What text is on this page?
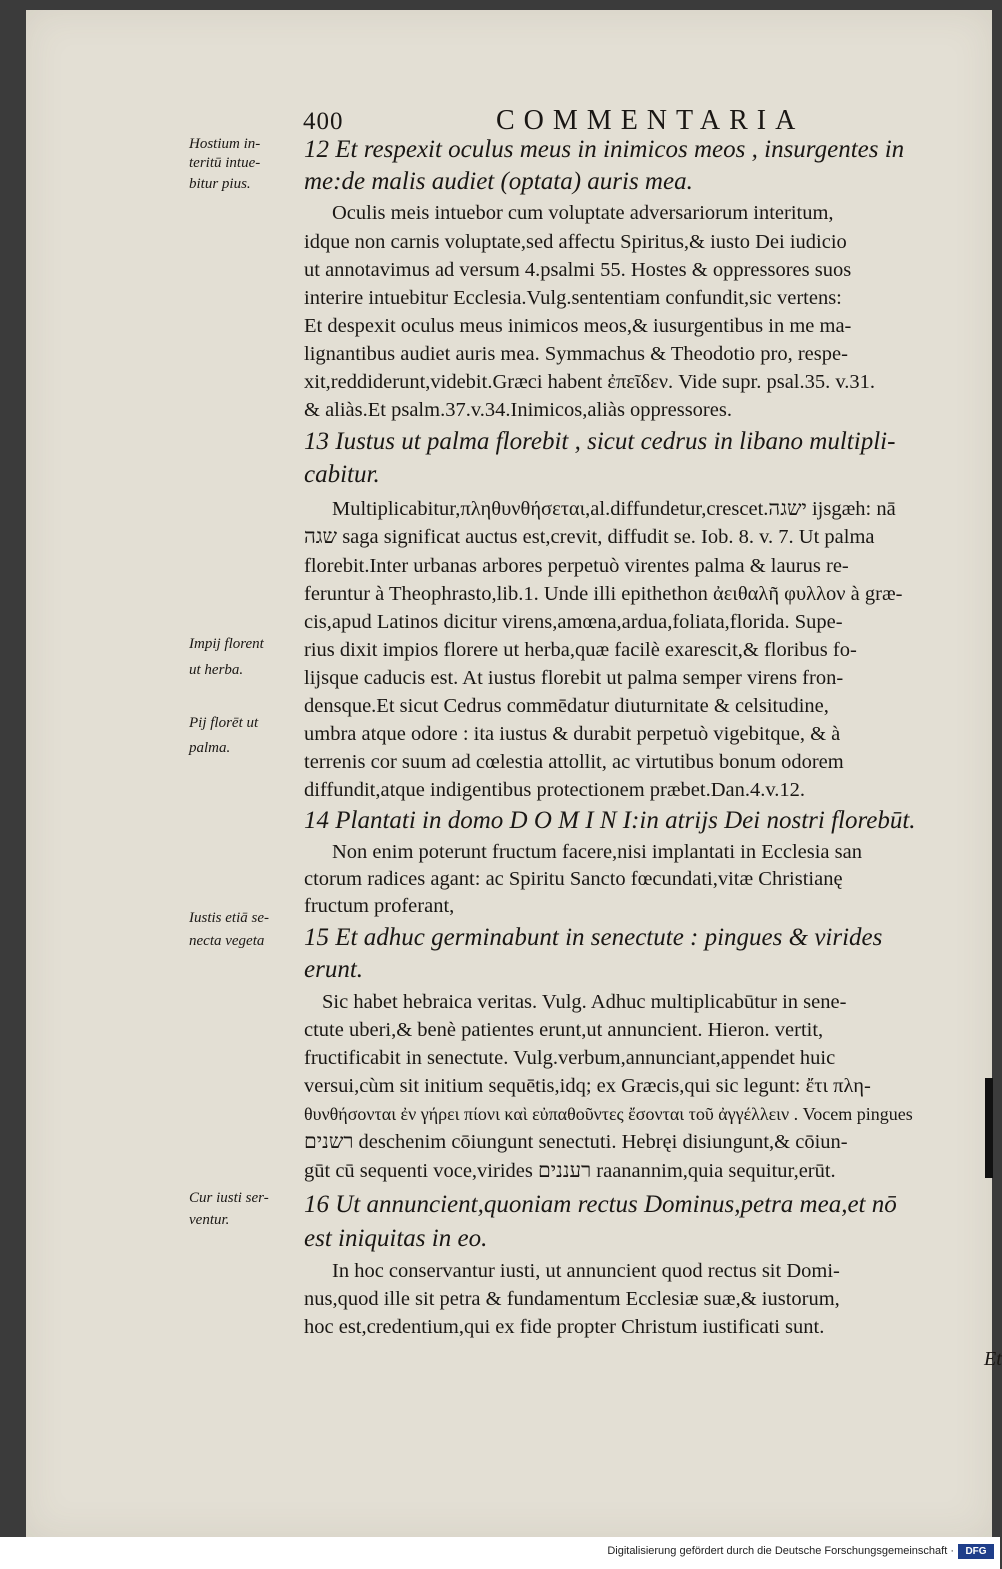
400	COMMENTARIA
Hostium in-
teritū intue-
bitur pius.
Impij florent
ut herba.
Pij florēt ut
palma.
Iustis etiā se-
necta vegeta
Cur iusti ser-
ventur.
12 Et respexit oculus meus in inimicos meos , insurgentes in
me:de malis audiet (optata) auris mea.
Oculis meis intuebor cum voluptate adversariorum interitum,
idque non carnis voluptate,sed affectu Spiritus,& iusto Dei iudicio
ut annotavimus ad versum 4.psalmi 55. Hostes & oppressores suos
interire intuebitur Ecclesia.Vulg.sententiam confundit,sic vertens:
Et despexit oculus meus inimicos meos,& iusurgentibus in me ma-
lignantibus audiet auris mea. Symmachus & Theodotio pro, respe-
xit,reddiderunt,videbit.Græci habent ἐπεῖδεν. Vide supr. psal.35. v.31.
& aliàs.Et psalm.37.v.34.Inimicos,aliàs oppressores.
13 Iustus ut palma florebit , sicut cedrus in libano multipli-
cabitur.
Multiplicabitur,πληθυνθήσεται,al.diffundetur,crescet.ישגה ijsgæh: nā
שגה saga significat auctus est,crevit, diffudit se. Iob. 8. v. 7. Ut palma
florebit.Inter urbanas arbores perpetuò virentes palma & laurus re-
feruntur à Theophrasto,lib.1. Unde illi epithethon ἀειθαλῆ φυλλον à græ-
cis,apud Latinos dicitur virens,amœna,ardua,foliata,florida. Supe-
rius dixit impios florere ut herba,quæ facilè exarescit,& floribus fo-
lijsque caducis est. At iustus florebit ut palma semper virens fron-
densque.Et sicut Cedrus commēdatur diuturnitate & celsitudine,
umbra atque odore : ita iustus & durabit perpetuò vigebitque, & à
terrenis cor suum ad cœlestia attollit, ac virtutibus bonum odorem
diffundit,atque indigentibus protectionem præbet.Dan.4.v.12.
14 Plantati in domo D O M I N I:in atrijs Dei nostri florebūt.
Non enim poterunt fructum facere,nisi implantati in Ecclesia san
ctorum radices agant: ac Spiritu Sancto fœcundati,vitæ Christianę
fructum proferant,
15 Et adhuc germinabunt in senectute : pingues & virides
erunt.
Sic habet hebraica veritas. Vulg. Adhuc multiplicabūtur in sene-
ctute uberi,& benè patientes erunt,ut annuncient. Hieron. vertit,
fructificabit in senectute. Vulg.verbum,annunciant,appendet huic
versui,cùm sit initium sequētis,idq; ex Græcis,qui sic legunt: ἔτι πλη-
θυνθήσονται ἐν γήρει πίονι καὶ εὐπαθοῦντες ἔσονται τοῦ ἀγγέλλειν . Vocem pingues
רשנים deschenim cōiungunt senectuti. Hebręi disiungunt,& cōiun-
gūt cū sequenti voce,virides רעננים raanannim,quia sequitur,erūt.
16 Ut annuncient,quoniam rectus Dominus,petra mea,et nō
est iniquitas in eo.
In hoc conservantur iusti, ut annuncient quod rectus sit Domi-
nus,quod ille sit petra & fundamentum Ecclesiæ suæ,& iustorum,
hoc est,credentium,qui ex fide propter Christum iustificati sunt.
Et
Digitalisierung gefördert durch die Deutsche Forschungsgemeinschaft ·	DFG
